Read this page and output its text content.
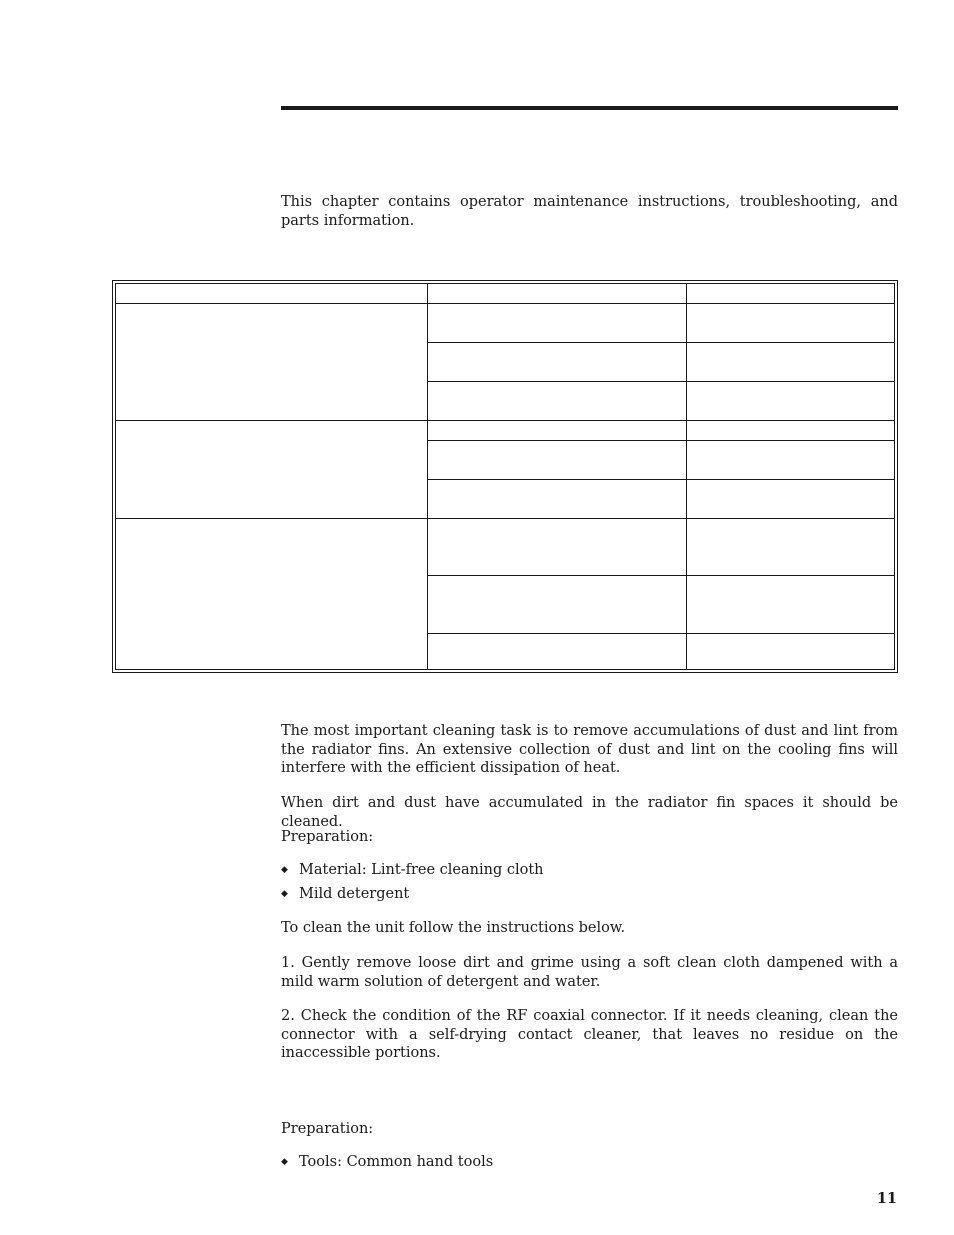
This chapter contains operator maintenance instructions, troubleshooting, and parts information.

The most important cleaning task is to remove accumulations of dust and lint from the radiator fins. An extensive collection of dust and lint on the cooling fins will interfere with the efficient dissipation of heat.

When dirt and dust have accumulated in the radiator fin spaces it should be cleaned.

Preparation:

◆ Material: Lint-free cleaning cloth

◆ Mild detergent

To clean the unit follow the instructions below.

1. Gently remove loose dirt and grime using a soft clean cloth dampened with a mild warm solution of detergent and water.

2. Check the condition of the RF coaxial connector. If it needs cleaning, clean the connector with a self-drying contact cleaner, that leaves no residue on the inaccessible portions.

Preparation:

◆ Tools: Common hand tools

11
